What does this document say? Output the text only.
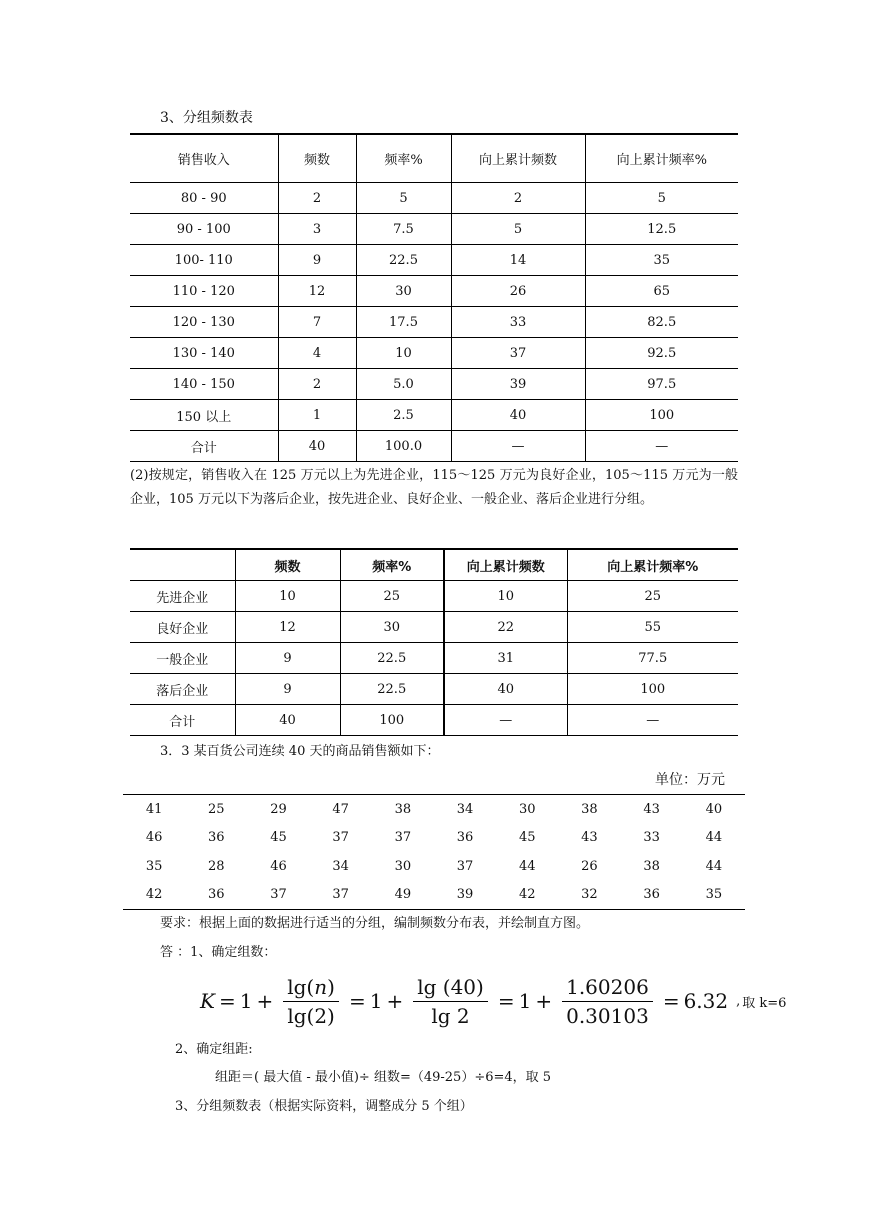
3、分组频数表
销售收入	频数	频率%	向上累计频数	向上累计频率%
80 - 90	2	5	2	5
90 - 100	3	7.5	5	12.5
100- 110	9	22.5	14	35
110 - 120	12	30	26	65
120 - 130	7	17.5	33	82.5
130 - 140	4	10	37	92.5
140 - 150	2	5.0	39	97.5
150 以上	1	2.5	40	100
合计	40	100.0	—	—
(2)按规定，销售收入在 125 万元以上为先进企业，115～125 万元为良好企业，105～115 万元为一般企业，105 万元以下为落后企业，按先进企业、良好企业、一般企业、落后企业进行分组。
	频数	频率%	向上累计频数	向上累计频率%
先进企业	10	25	10	25
良好企业	12	30	22	55
一般企业	9	22.5	31	77.5
落后企业	9	22.5	40	100
合计	40	100	—	—
3．3 某百货公司连续 40 天的商品销售额如下：
单位：万元
41	25	29	47	38	34	30	38	43	40
46	36	45	37	37	36	45	43	33	44
35	28	46	34	30	37	44	26	38	44
42	36	37	37	49	39	42	32	36	35
要求：根据上面的数据进行适当的分组，编制频数分布表，并绘制直方图。
答 ：1、确定组数：
$K = 1 + \frac{\lg(n)}{\lg(2)} = 1 + \frac{\lg (40)}{\lg 2} = 1 + \frac{1.60206}{0.30103} = 6.32$ , 取 k=6
2、确定组距:
组距＝( 最大值 - 最小值)÷ 组数=（49-25）÷6=4，取 5
3、分组频数表（根据实际资料，调整成分 5 个组）
